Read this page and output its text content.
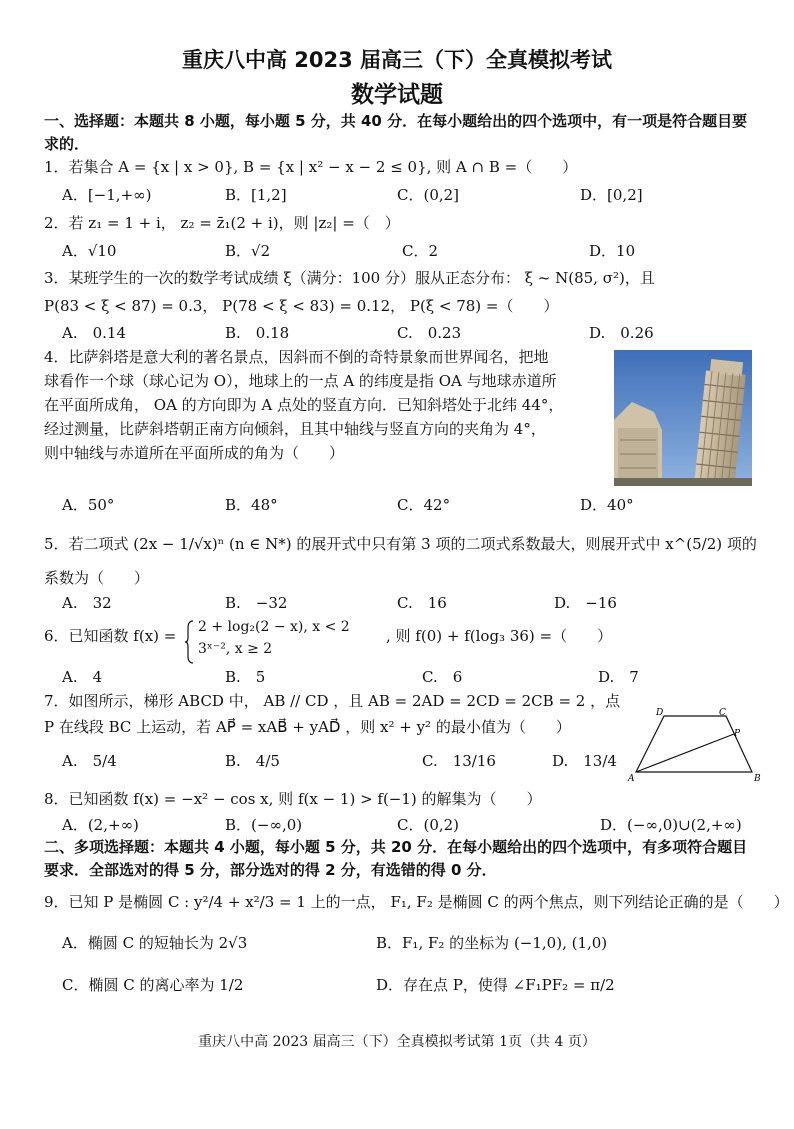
重庆八中高 2023 届高三（下）全真模拟考试
数学试题
一、选择题：本题共 8 小题，每小题 5 分，共 40 分．在每小题给出的四个选项中，有一项是符合题目要求的．
1．若集合 A = {x | x > 0}, B = {x | x² − x − 2 ≤ 0}, 则 A ∩ B =（　　）
A．[−1,+∞)	B．[1,2]	C．(0,2]	D．[0,2]
2．若 z₁ = 1 + i， z₂ = z̄₁(2 + i)，则 |z₂| =（　）
A．√10	B．√2	C．2	D．10
3．某班学生的一次的数学考试成绩 ξ（满分：100 分）服从正态分布： ξ ~ N(85, σ²)，且
P(83 < ξ < 87) = 0.3， P(78 < ξ < 83) = 0.12， P(ξ < 78) =（　　）
A.　0.14	B.　0.18	C.　0.23	D.　0.26
4．比萨斜塔是意大利的著名景点，因斜而不倒的奇特景象而世界闻名，把地
球看作一个球（球心记为 O），地球上的一点 A 的纬度是指 OA 与地球赤道所
在平面所成角， OA 的方向即为 A 点处的竖直方向．已知斜塔处于北纬 44°，
经过测量，比萨斜塔朝正南方向倾斜，且其中轴线与竖直方向的夹角为 4°，
则中轴线与赤道所在平面所成的角为（　　）
A．50°	B．48°	C．42°	D．40°
5．若二项式 (2x − 1/√x)ⁿ (n ∈ N*) 的展开式中只有第 3 项的二项式系数最大，则展开式中 x^(5/2) 项的
系数为（　　）
A.　32	B.　−32	C.　16	D.　−16
6．已知函数 f(x) = 2 + log₂(2 − x), x < 2
3ˣ⁻², x ≥ 2
, 则 f(0) + f(log₃ 36) =（　　）
A.　4	B.　5	C.　6	D.　7
7．如图所示，梯形 ABCD 中， AB // CD ，且 AB = 2AD = 2CD = 2CB = 2 ，点
P 在线段 BC 上运动，若 AP⃗ = xAB⃗ + yAD⃗ ，则 x² + y² 的最小值为（　　）
A.　5/4	B.　4/5	C.　13/16	D.　13/4
D	C
P
A	B
8．已知函数 f(x) = −x² − cos x, 则 f(x − 1) > f(−1) 的解集为（　　）
A．(2,+∞)	B．(−∞,0)	C．(0,2)	D．(−∞,0)∪(2,+∞)
二、多项选择题：本题共 4 小题，每小题 5 分，共 20 分．在每小题给出的四个选项中，有多项符合题目要求．全部选对的得 5 分，部分选对的得 2 分，有选错的得 0 分．
9．已知 P 是椭圆 C : y²/4 + x²/3 = 1 上的一点， F₁, F₂ 是椭圆 C 的两个焦点，则下列结论正确的是（　　）
A．椭圆 C 的短轴长为 2√3	B．F₁, F₂ 的坐标为 (−1,0), (1,0)
C．椭圆 C 的离心率为 1/2	D．存在点 P，使得 ∠F₁PF₂ = π/2
重庆八中高 2023 届高三（下）全真模拟考试第 1页（共 4 页）
